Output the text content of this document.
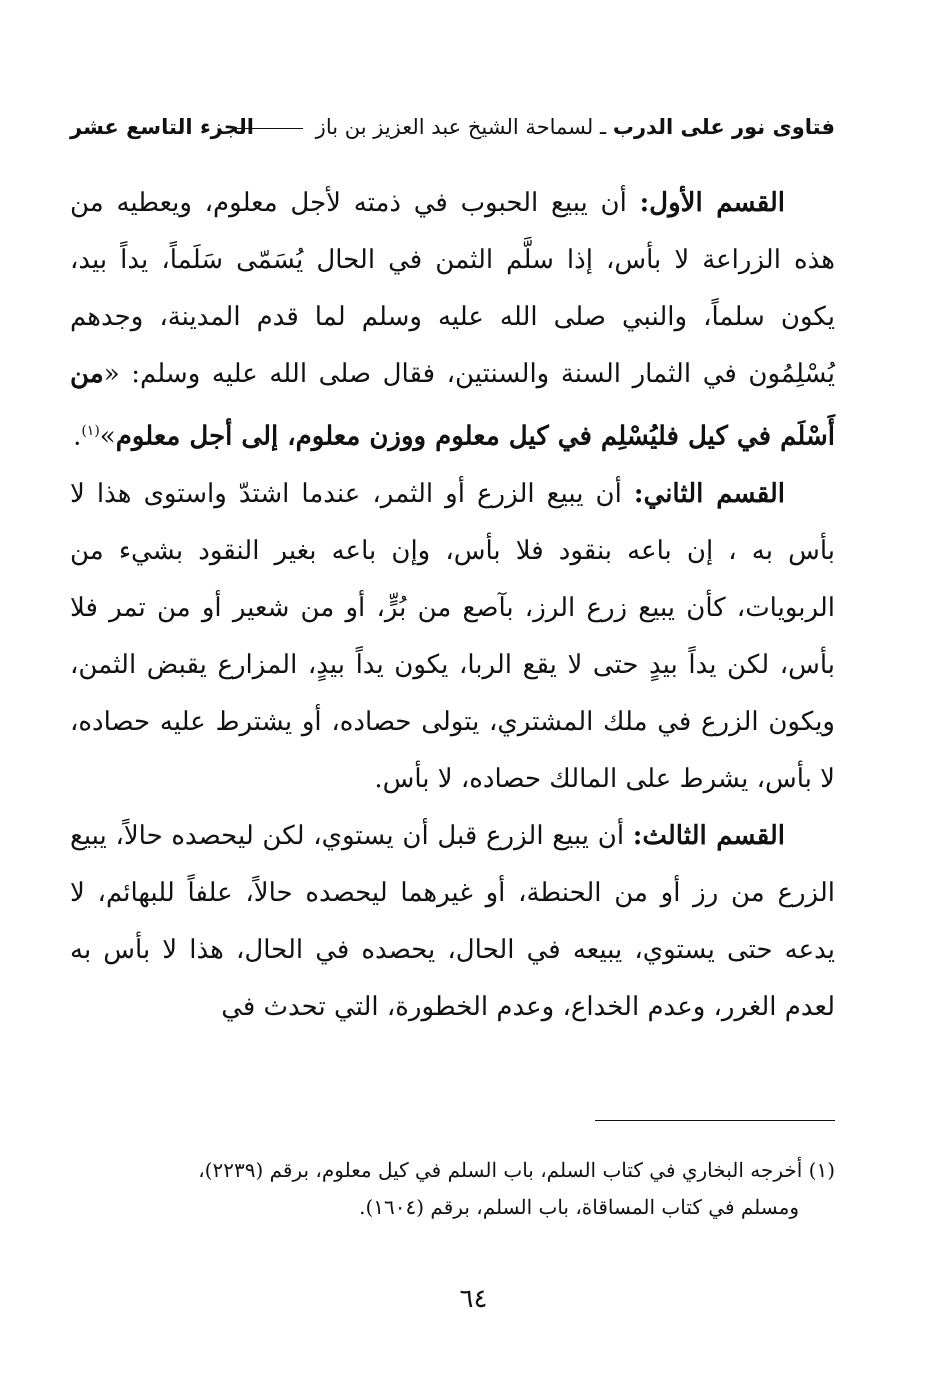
فتاوى نور على الدرب ـ لسماحة الشيخ عبد العزيز بن باز
الجزء التاسع عشر

القسم الأول: أن يبيع الحبوب في ذمته لأجل معلوم، ويعطيه من هذه الزراعة لا بأس، إذا سلَّم الثمن في الحال يُسَمّى سَلَماً، يداً بيد، يكون سلماً، والنبي صلى الله عليه وسلم لما قدم المدينة، وجدهم يُسْلِمُون في الثمار السنة والسنتين، فقال صلى الله عليه وسلم: «من أَسْلَم في كيل فليُسْلِم في كيل معلوم ووزن معلوم، إلى أجل معلوم»$^{(١)}$.

القسم الثاني: أن يبيع الزرع أو الثمر، عندما اشتدّ واستوى هذا لا بأس به ، إن باعه بنقود فلا بأس، وإن باعه بغير النقود بشيء من الربويات، كأن يبيع زرع الرز، بآصع من بُرٍّ، أو من شعير أو من تمر فلا بأس، لكن يداً بيدٍ حتى لا يقع الربا، يكون يداً بيدٍ، المزارع يقبض الثمن، ويكون الزرع في ملك المشتري، يتولى حصاده، أو يشترط عليه حصاده، لا بأس، يشرط على المالك حصاده، لا بأس.

القسم الثالث: أن يبيع الزرع قبل أن يستوي، لكن ليحصده حالاً، يبيع الزرع من رز أو من الحنطة، أو غيرهما ليحصده حالاً، علفاً للبهائم، لا يدعه حتى يستوي، يبيعه في الحال، يحصده في الحال، هذا لا بأس به لعدم الغرر، وعدم الخداع، وعدم الخطورة، التي تحدث في

(١) أخرجه البخاري في كتاب السلم، باب السلم في كيل معلوم، برقم (٢٢٣٩)،

ومسلم في كتاب المساقاة، باب السلم، برقم (١٦٠٤).

٦٤
